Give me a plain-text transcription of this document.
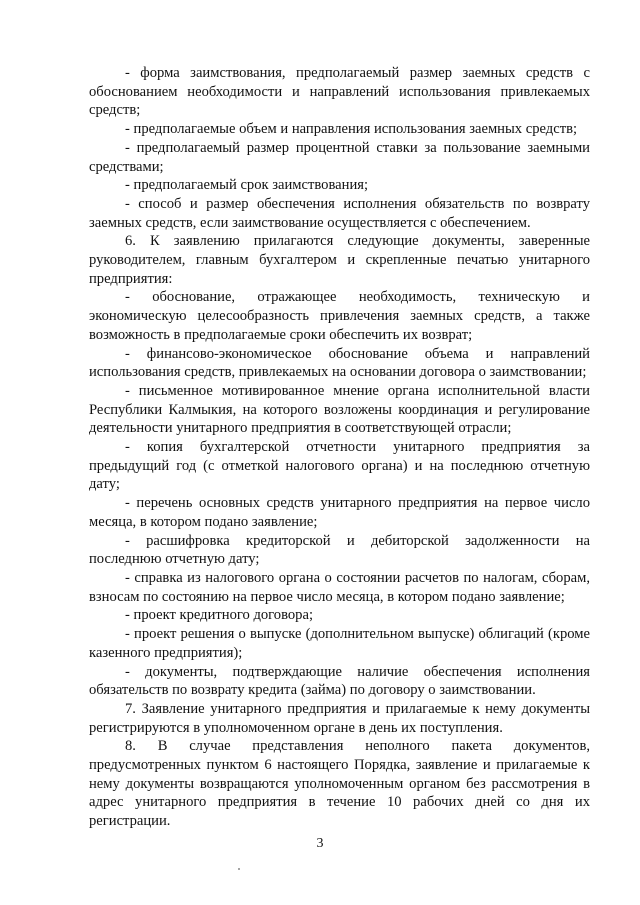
- форма заимствования, предполагаемый размер заемных средств с обоснованием необходимости и направлений использования привлекаемых средств;

- предполагаемые объем и направления использования заемных средств;

- предполагаемый размер процентной ставки за пользование заемными средствами;

- предполагаемый срок заимствования;

- способ и размер обеспечения исполнения обязательств по возврату заемных средств, если заимствование осуществляется с обеспечением.

6. К заявлению прилагаются следующие документы, заверенные руководителем, главным бухгалтером и скрепленные печатью унитарного предприятия:

- обоснование, отражающее необходимость, техническую и экономическую целесообразность привлечения заемных средств, а также возможность в предполагаемые сроки обеспечить их возврат;

- финансово-экономическое обоснование объема и направлений использования средств, привлекаемых на основании договора о заимствовании;

- письменное мотивированное мнение органа исполнительной власти Республики Калмыкия, на которого возложены координация и регулирование деятельности унитарного предприятия в соответствующей отрасли;

- копия бухгалтерской отчетности унитарного предприятия за предыдущий год (с отметкой налогового органа) и на последнюю отчетную дату;

- перечень основных средств унитарного предприятия на первое число месяца, в котором подано заявление;

- расшифровка кредиторской и дебиторской задолженности на последнюю отчетную дату;

- справка из налогового органа о состоянии расчетов по налогам, сборам, взносам по состоянию на первое число месяца, в котором подано заявление;

- проект кредитного договора;

- проект решения о выпуске (дополнительном выпуске) облигаций (кроме казенного предприятия);

- документы, подтверждающие наличие обеспечения исполнения обязательств по возврату кредита (займа) по договору о заимствовании.

7. Заявление унитарного предприятия и прилагаемые к нему документы регистрируются в уполномоченном органе в день их поступления.

8. В случае представления неполного пакета документов, предусмотренных пунктом 6 настоящего Порядка, заявление и прилагаемые к нему документы возвращаются уполномоченным органом без рассмотрения в адрес унитарного предприятия в течение 10 рабочих дней со дня их регистрации.

3
